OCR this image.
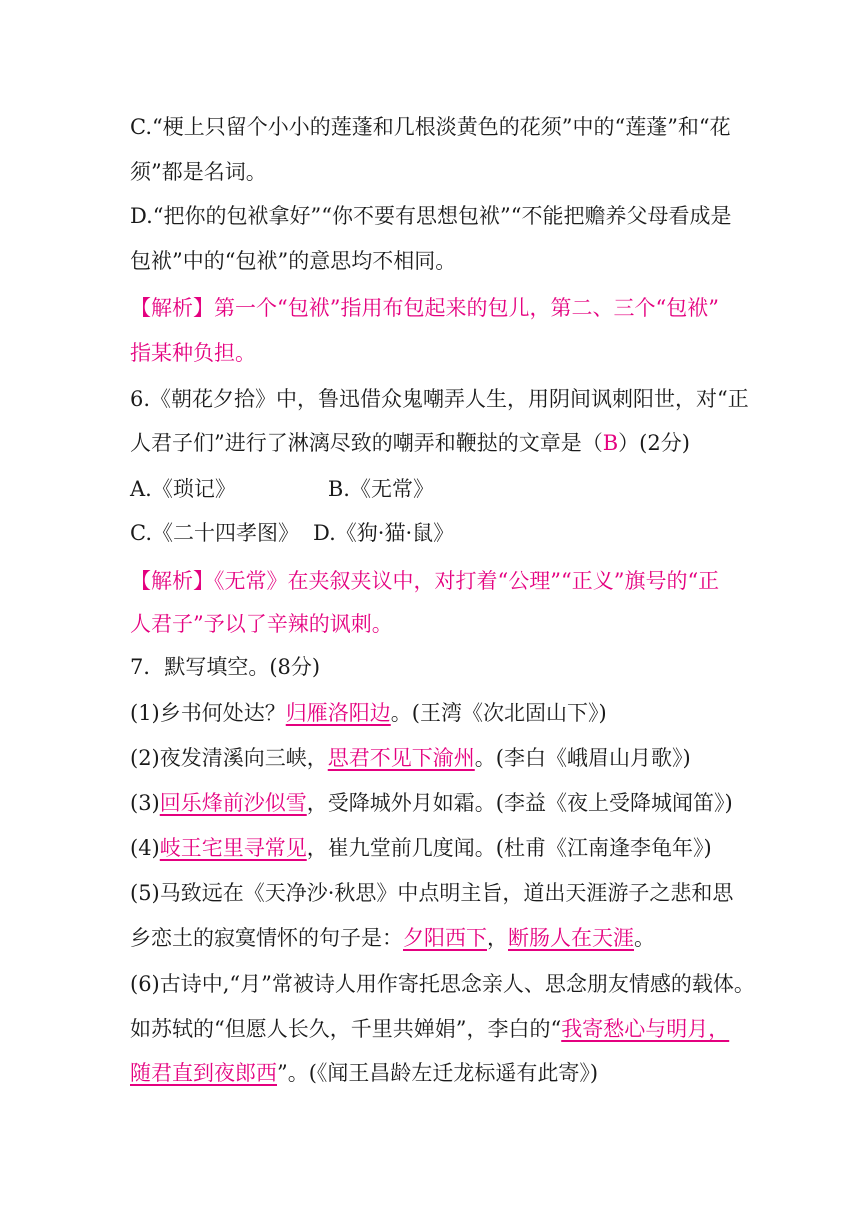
C.“梗上只留个小小的莲蓬和几根淡黄色的花须”中的“莲蓬”和“花
须”都是名词。
D.“把你的包袱拿好”“你不要有思想包袱”“不能把赡养父母看成是
包袱”中的“包袱”的意思均不相同。
【解析】第一个“包袱”指用布包起来的包儿，第二、三个“包袱”
指某种负担。
6.《朝花夕拾》中，鲁迅借众鬼嘲弄人生，用阴间讽刺阳世，对“正
人君子们”进行了淋漓尽致的嘲弄和鞭挞的文章是（B）(2分)
A.《琐记》	B.《无常》
C.《二十四孝图》 D.《狗·猫·鼠》
【解析】《无常》在夹叙夹议中，对打着“公理”“正义”旗号的“正
人君子”予以了辛辣的讽刺。
7．默写填空。(8分)
(1)乡书何处达？归雁洛阳边。(王湾《次北固山下》)
(2)夜发清溪向三峡，思君不见下渝州。(李白《峨眉山月歌》)
(3)回乐烽前沙似雪，受降城外月如霜。(李益《夜上受降城闻笛》)
(4)岐王宅里寻常见，崔九堂前几度闻。(杜甫《江南逢李龟年》)
(5)马致远在《天净沙·秋思》中点明主旨，道出天涯游子之悲和思
乡恋土的寂寞情怀的句子是：夕阳西下，断肠人在天涯。
(6)古诗中,“月”常被诗人用作寄托思念亲人、思念朋友情感的载体。
如苏轼的“但愿人长久，千里共婵娟”，李白的“我寄愁心与明月，
随君直到夜郎西”。(《闻王昌龄左迁龙标遥有此寄》)
